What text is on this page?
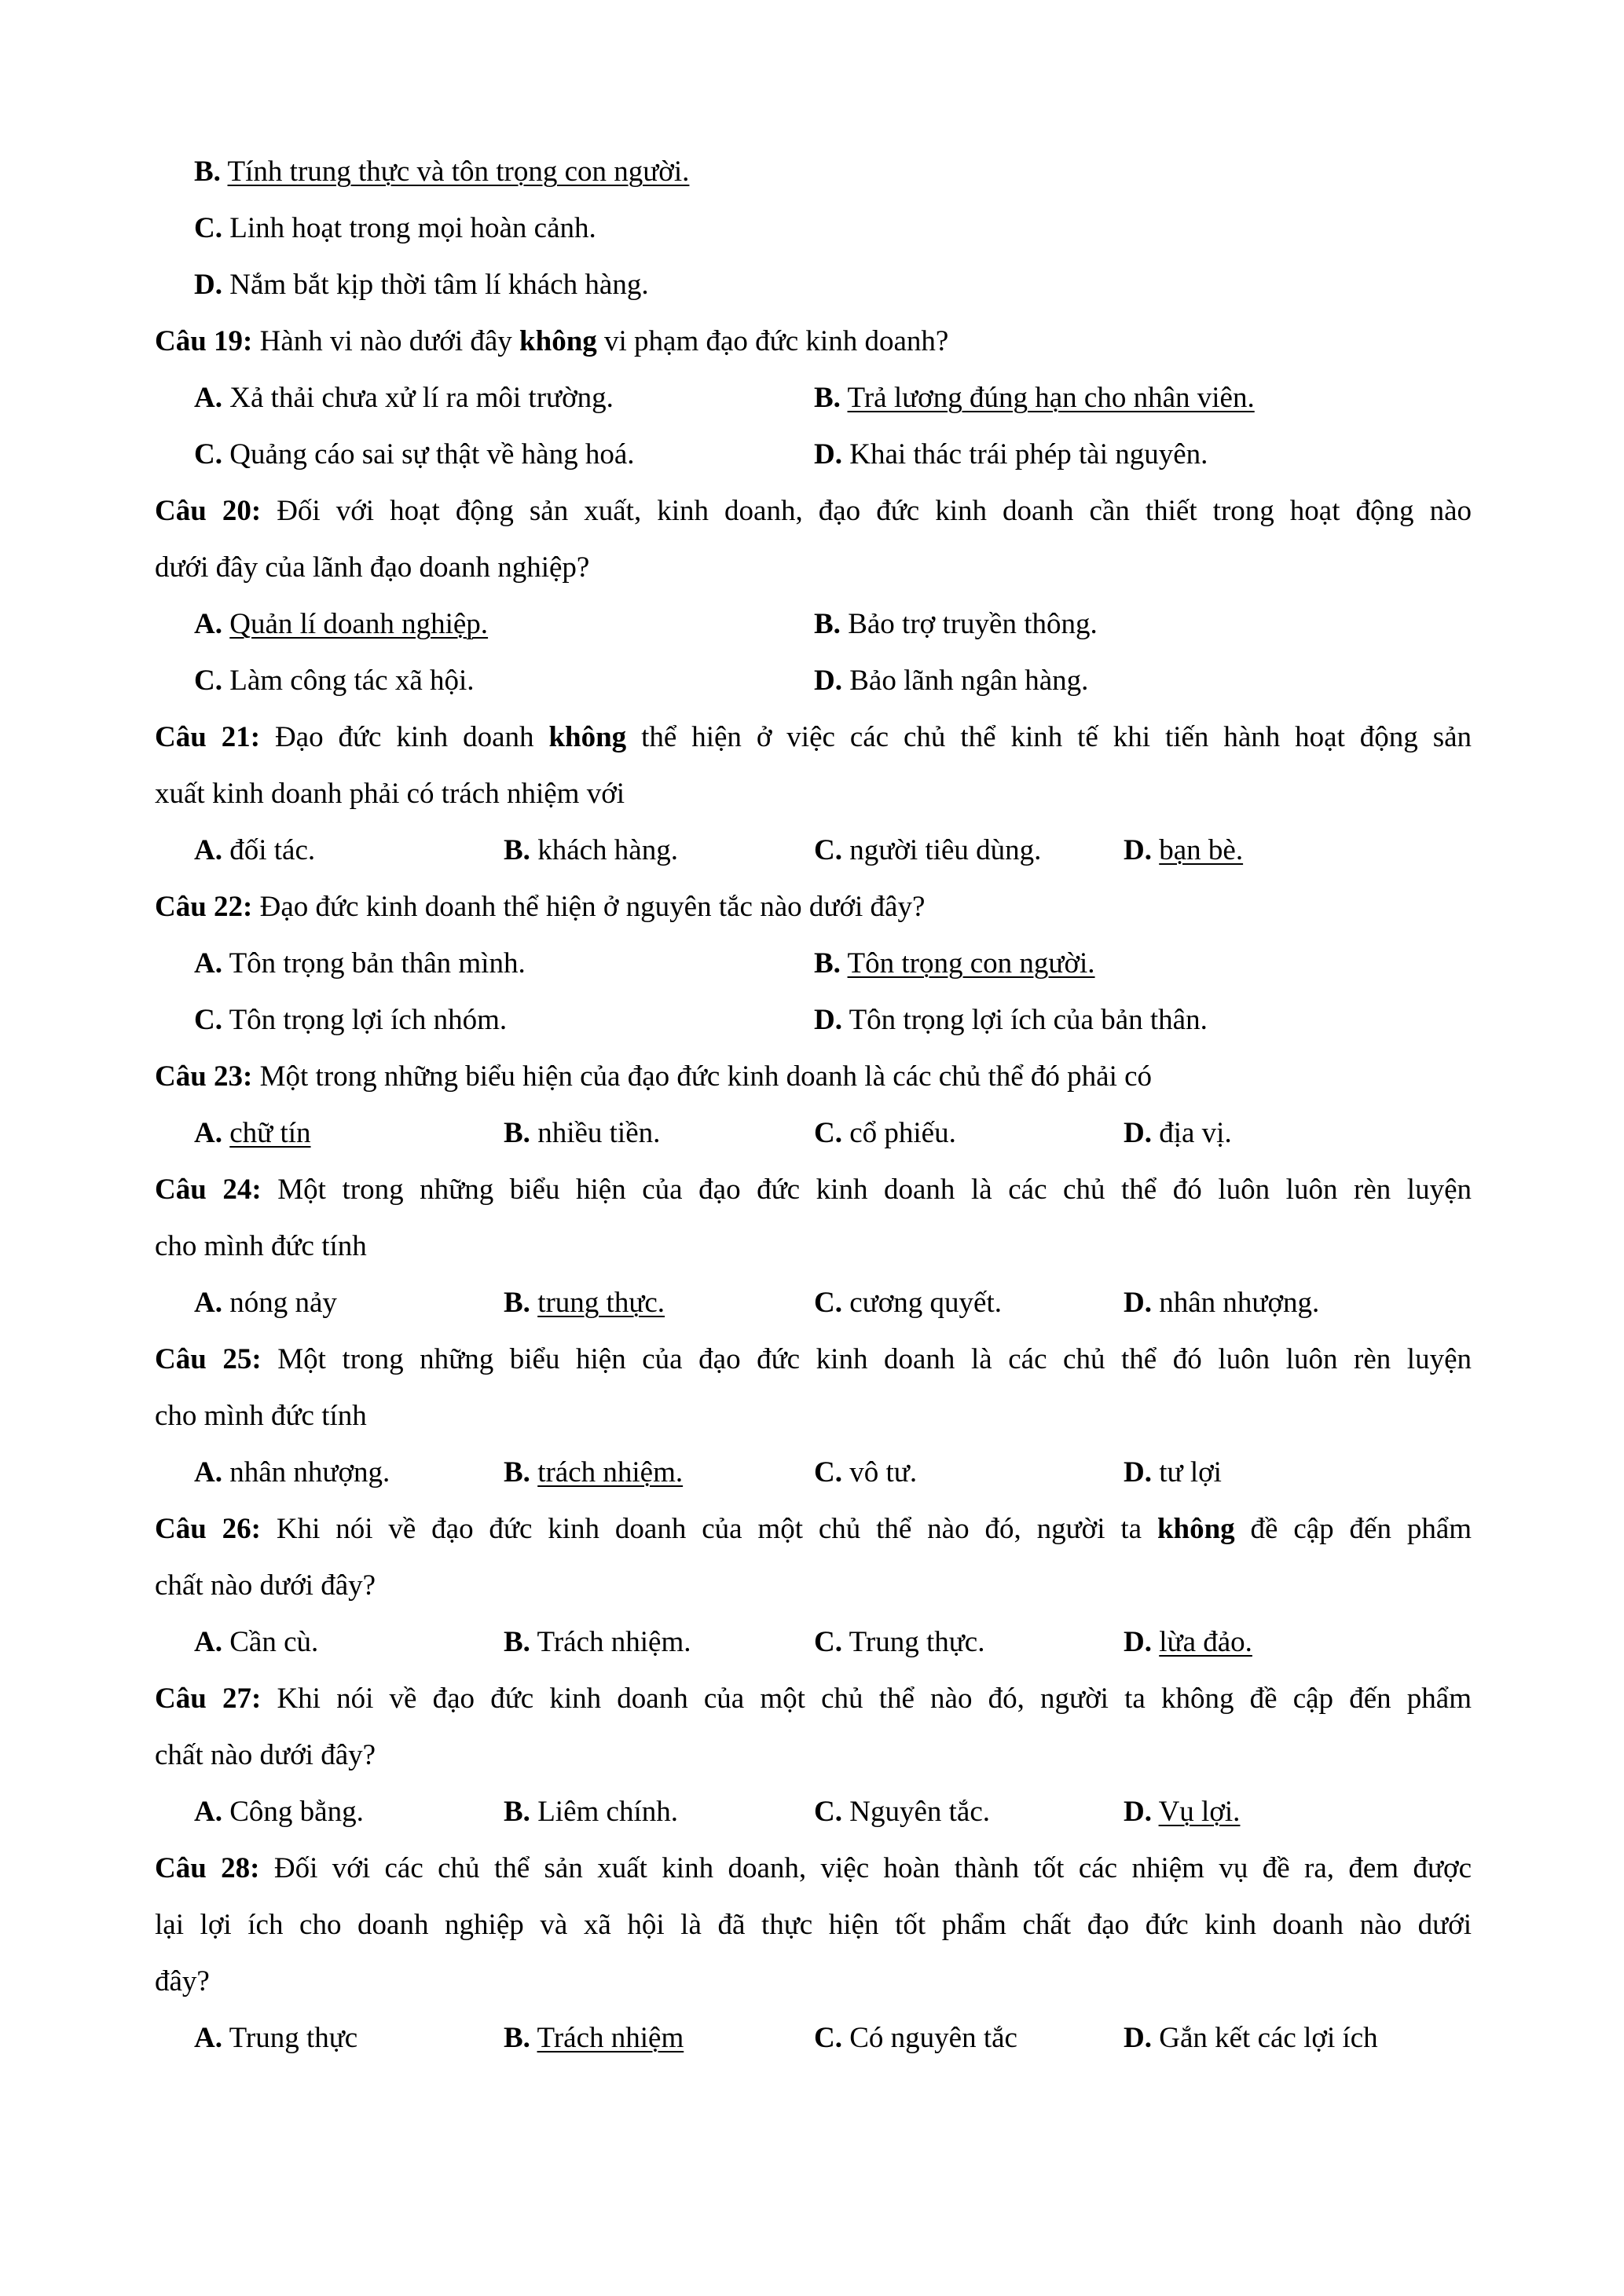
B. Tính trung thực và tôn trọng con người.
C. Linh hoạt trong mọi hoàn cảnh.
D. Nắm bắt kịp thời tâm lí khách hàng.
Câu 19: Hành vi nào dưới đây không vi phạm đạo đức kinh doanh?
A. Xả thải chưa xử lí ra môi trường.	B. Trả lương đúng hạn cho nhân viên.
C. Quảng cáo sai sự thật về hàng hoá.	D. Khai thác trái phép tài nguyên.
Câu 20: Đối với hoạt động sản xuất, kinh doanh, đạo đức kinh doanh cần thiết trong hoạt động nào
dưới đây của lãnh đạo doanh nghiệp?
A. Quản lí doanh nghiệp.	B. Bảo trợ truyền thông.
C. Làm công tác xã hội.	D. Bảo lãnh ngân hàng.
Câu 21: Đạo đức kinh doanh không thể hiện ở việc các chủ thể kinh tế khi tiến hành hoạt động sản
xuất kinh doanh phải có trách nhiệm với
A. đối tác.	B. khách hàng.	C. người tiêu dùng.	D. bạn bè.
Câu 22: Đạo đức kinh doanh thể hiện ở nguyên tắc nào dưới đây?
A. Tôn trọng bản thân mình.	B. Tôn trọng con người.
C. Tôn trọng lợi ích nhóm.	D. Tôn trọng lợi ích của bản thân.
Câu 23: Một trong những biểu hiện của đạo đức kinh doanh là các chủ thể đó phải có
A. chữ tín	B. nhiều tiền.	C. cổ phiếu.	D. địa vị.
Câu 24: Một trong những biểu hiện của đạo đức kinh doanh là các chủ thể đó luôn luôn rèn luyện
cho mình đức tính
A. nóng nảy	B. trung thực.	C. cương quyết.	D. nhân nhượng.
Câu 25: Một trong những biểu hiện của đạo đức kinh doanh là các chủ thể đó luôn luôn rèn luyện
cho mình đức tính
A. nhân nhượng.	B. trách nhiệm.	C. vô tư.	D. tư lợi
Câu 26: Khi nói về đạo đức kinh doanh của một chủ thể nào đó, người ta không đề cập đến phẩm
chất nào dưới đây?
A. Cần cù.	B. Trách nhiệm.	C. Trung thực.	D. lừa đảo.
Câu 27: Khi nói về đạo đức kinh doanh của một chủ thể nào đó, người ta không đề cập đến phẩm
chất nào dưới đây?
A. Công bằng.	B. Liêm chính.	C. Nguyên tắc.	D. Vụ lợi.
Câu 28: Đối với các chủ thể sản xuất kinh doanh, việc hoàn thành tốt các nhiệm vụ đề ra, đem được
lại lợi ích cho doanh nghiệp và xã hội là đã thực hiện tốt phẩm chất đạo đức kinh doanh nào dưới
đây?
A. Trung thực	B. Trách nhiệm	C. Có nguyên tắc	D. Gắn kết các lợi ích
